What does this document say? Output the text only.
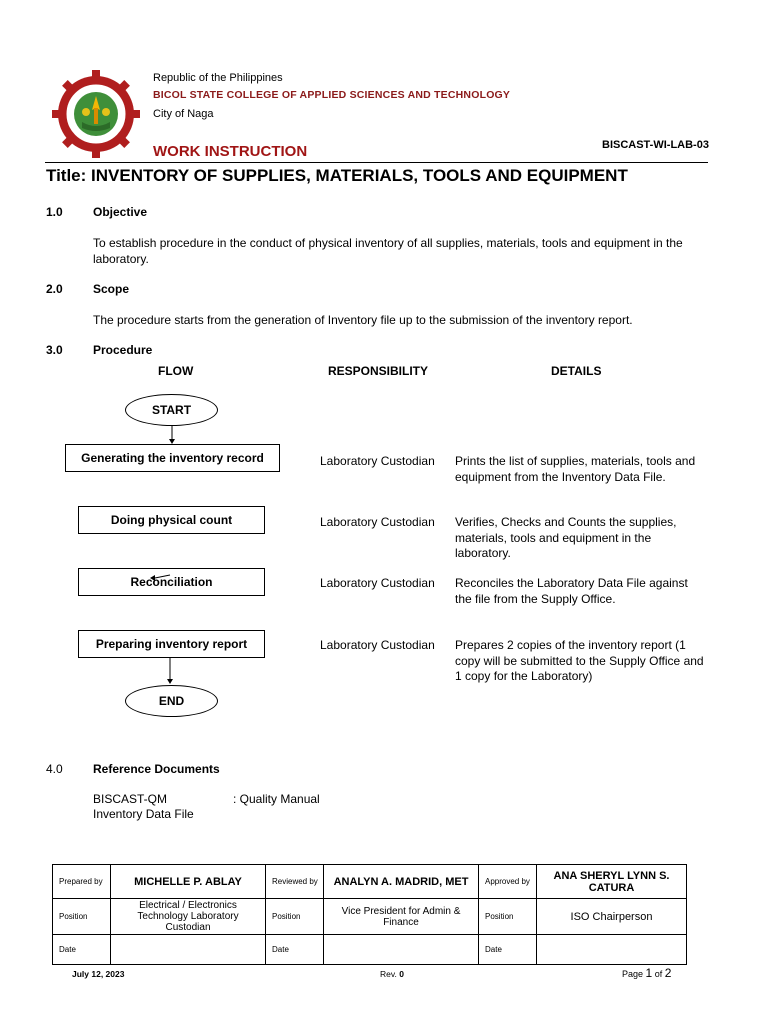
Republic of the Philippines
BICOL STATE COLLEGE OF APPLIED SCIENCES AND TECHNOLOGY
City of Naga
WORK INSTRUCTION	BISCAST-WI-LAB-03
Title: INVENTORY OF SUPPLIES, MATERIALS, TOOLS AND EQUIPMENT
1.0	Objective
To establish procedure in the conduct of physical inventory of all supplies, materials, tools and equipment in the laboratory.
2.0	Scope
The procedure starts from the generation of Inventory file up to the submission of the inventory report.
3.0	Procedure
FLOW	RESPONSIBILITY	DETAILS
START
Generating the inventory record	Laboratory Custodian Prints the list of supplies, materials, tools and equipment from the Inventory Data File.
Doing physical count	Laboratory Custodian Verifies, Checks and Counts the supplies, materials, tools and equipment in the laboratory.
Reconciliation	Laboratory Custodian Reconciles the Laboratory Data File against the file from the Supply Office.
Preparing inventory report	Laboratory Custodian Prepares 2 copies of the inventory report (1 copy will be submitted to the Supply Office and 1 copy for the Laboratory)
END
4.0	Reference Documents
BISCAST-QM	: Quality Manual
Inventory Data File
Prepared by	MICHELLE P. ABLAY	Reviewed by	ANALYN A. MADRID, MET	Approved by	ANA SHERYL LYNN S. CATURA
Position	Electrical / Electronics Technology Laboratory Custodian	Position	Vice President for Admin & Finance	Position	ISO Chairperson
Date		Date		Date	
July 12, 2023	Rev. 0	Page 1 of 2
